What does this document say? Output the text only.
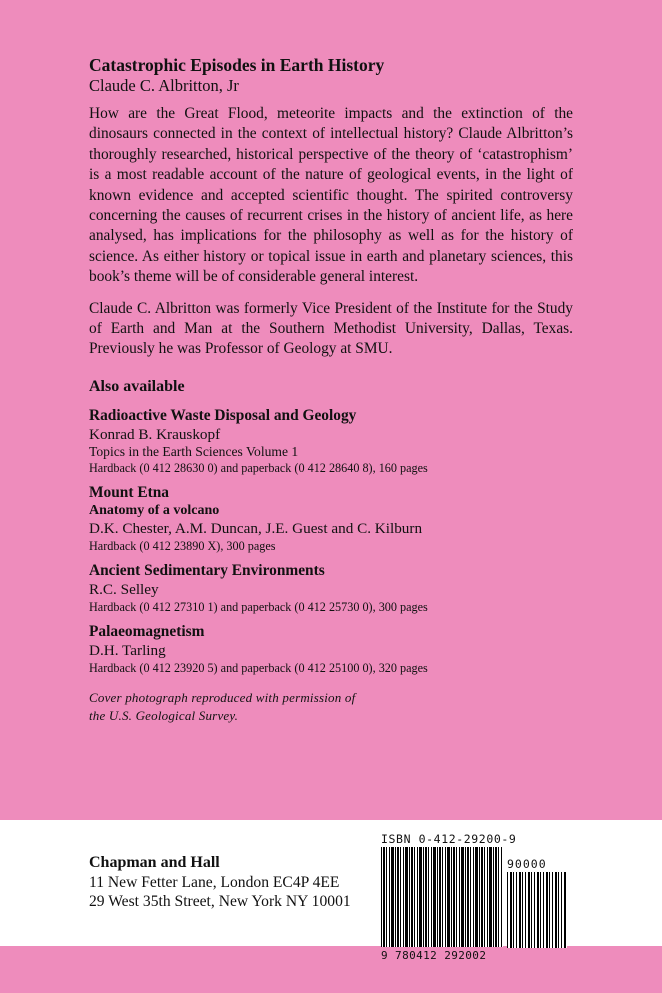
Catastrophic Episodes in Earth History

Claude C. Albritton, Jr

How are the Great Flood, meteorite impacts and the extinction of the dinosaurs connected in the context of intellectual history? Claude Albritton’s thoroughly researched, historical perspective of the theory of ‘catastrophism’ is a most readable account of the nature of geological events, in the light of known evidence and accepted scientific thought. The spirited controversy concerning the causes of recurrent crises in the history of ancient life, as here analysed, has implications for the philosophy as well as for the history of science. As either history or topical issue in earth and planetary sciences, this book’s theme will be of considerable general interest.

Claude C. Albritton was formerly Vice President of the Institute for the Study of Earth and Man at the Southern Methodist University, Dallas, Texas. Previously he was Professor of Geology at SMU.

Also available
Radioactive Waste Disposal and Geology
Konrad B. Krauskopf
Topics in the Earth Sciences Volume 1
Hardback (0 412 28630 0) and paperback (0 412 28640 8), 160 pages
Mount Etna
Anatomy of a volcano
D.K. Chester, A.M. Duncan, J.E. Guest and C. Kilburn
Hardback (0 412 23890 X), 300 pages
Ancient Sedimentary Environments
R.C. Selley
Hardback (0 412 27310 1) and paperback (0 412 25730 0), 300 pages
Palaeomagnetism
D.H. Tarling
Hardback (0 412 23920 5) and paperback (0 412 25100 0), 320 pages
Cover photograph reproduced with permission of
the U.S. Geological Survey.
Chapman and Hall
11 New Fetter Lane, London EC4P 4EE
29 West 35th Street, New York NY 10001
ISBN 0-412-29200-9
90000
9 780412 292002
